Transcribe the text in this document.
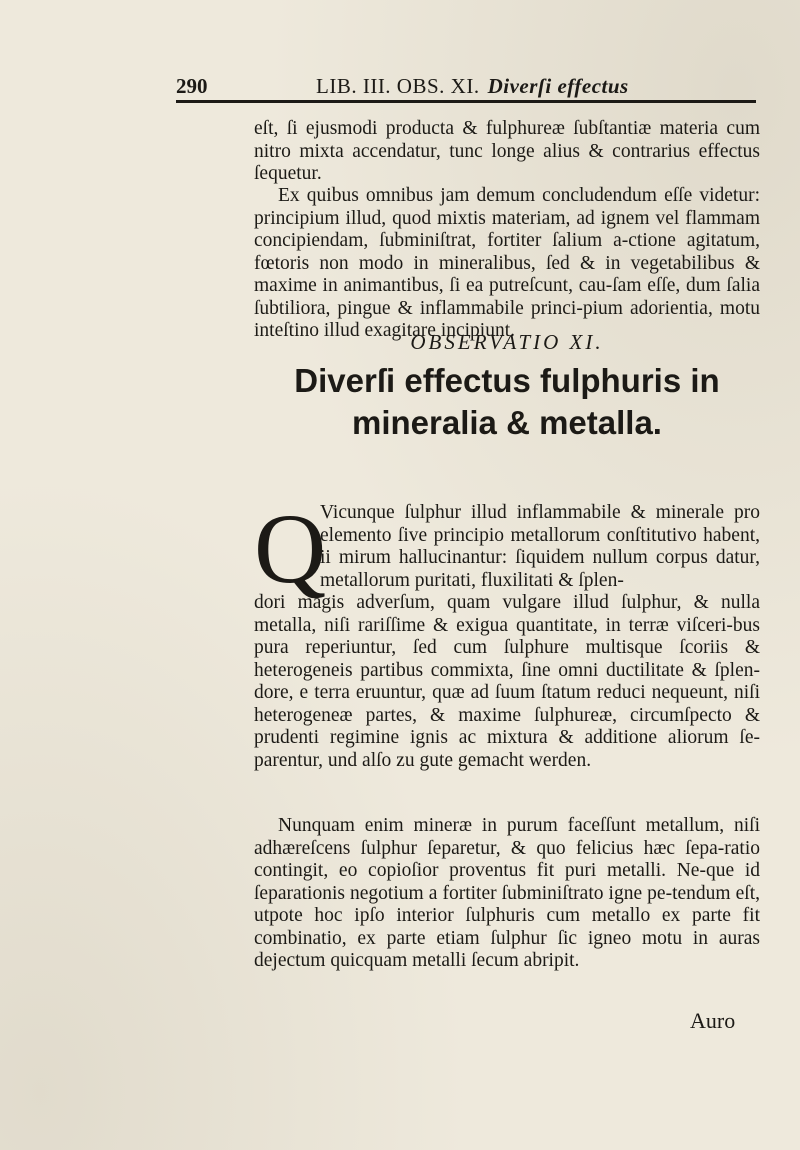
290	LIB. III. OBS. XI. Diverſi effectus
eſt, ſi ejusmodi producta & fulphureæ ſubſtantiæ materia cum nitro mixta accendatur, tunc longe alius & contrarius effectus ſequetur.
Ex quibus omnibus jam demum concludendum eſſe videtur: principium illud, quod mixtis materiam, ad ignem vel flammam concipiendam, ſubminiſtrat, fortiter ſalium a-ctione agitatum, fœtoris non modo in mineralibus, ſed & in vegetabilibus & maxime in animantibus, ſi ea putreſcunt, cau-ſam eſſe, dum ſalia ſubtiliora, pingue & inflammabile princi-pium adorientia, motu inteſtino illud exagitare incipiunt.
OBSERVATIO XI.
Diverſi effectus fulphuris in mineralia & metalla.
Q
Vicunque ſulphur illud inflammabile & minerale pro elemento ſive principio metallorum conſtitutivo habent, ii mirum hallucinantur: ſiquidem nullum corpus datur, metallorum puritati, fluxilitati & ſplen-
dori magis adverſum, quam vulgare illud ſulphur, & nulla metalla, niſi rariſſime & exigua quantitate, in terræ viſceri-bus pura reperiuntur, ſed cum ſulphure multisque ſcoriis & heterogeneis partibus commixta, ſine omni ductilitate & ſplen-dore, e terra eruuntur, quæ ad ſuum ſtatum reduci nequeunt, niſi heterogeneæ partes, & maxime ſulphureæ, circumſpecto & prudenti regimine ignis ac mixtura & additione aliorum ſe-parentur, und alſo zu gute gemacht werden.
Nunquam enim mineræ in purum faceſſunt metallum, niſi adhæreſcens ſulphur ſeparetur, & quo felicius hæc ſepa-ratio contingit, eo copioſior proventus fit puri metalli. Ne-que id ſeparationis negotium a fortiter ſubminiſtrato igne pe-tendum eſt, utpote hoc ipſo interior ſulphuris cum metallo ex parte fit combinatio, ex parte etiam ſulphur ſic igneo motu in auras dejectum quicquam metalli ſecum abripit.
Auro
